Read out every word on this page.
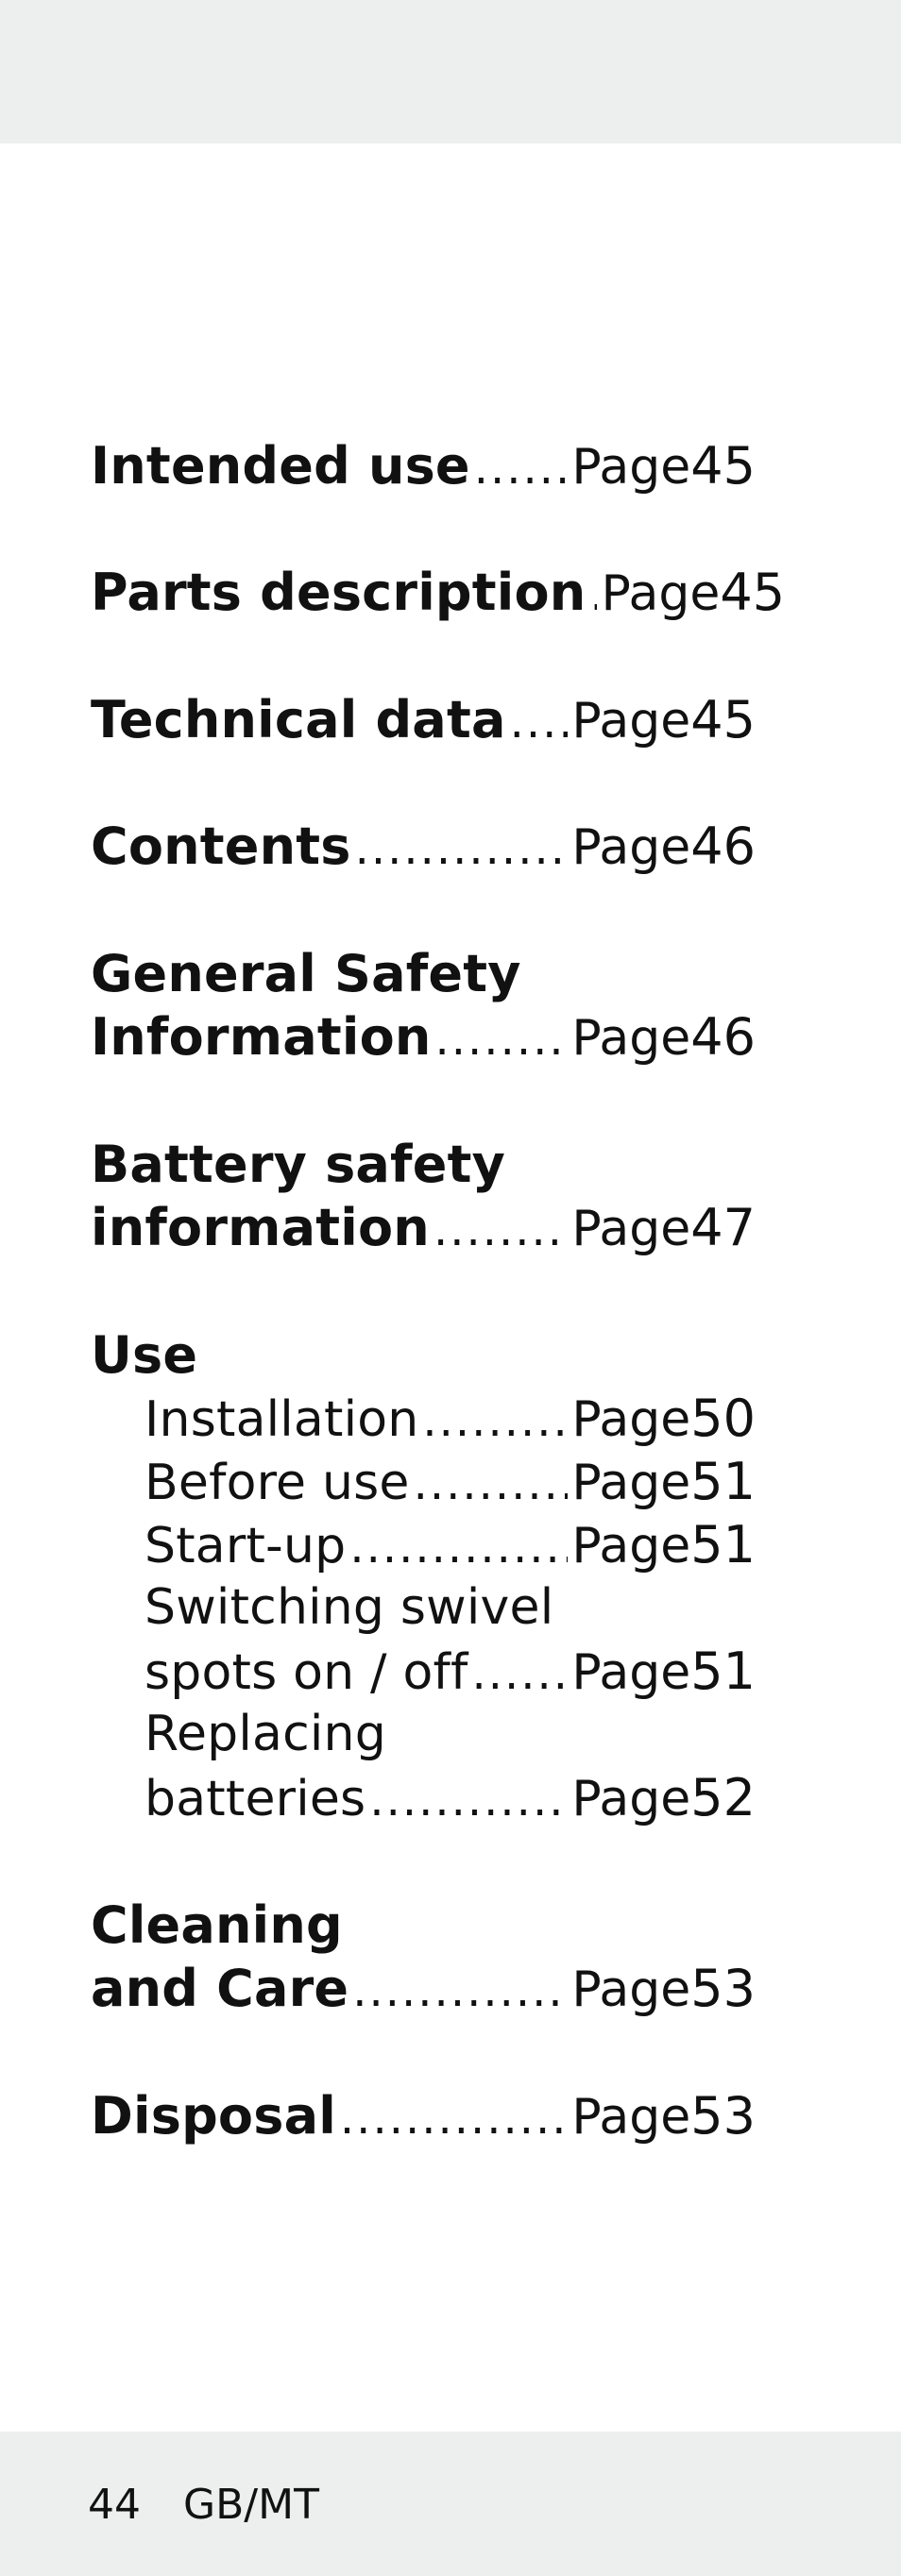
Intended use ..... Page 45
Parts description ..... Page 45
Technical data ..... Page 45
Contents .....	Page 46
General Safety
Information .....	Page 46
Battery safety
information .....	Page 47
Use
Installation .....	Page 50
Before use .....	Page 51
Start-up .....	Page 51
Switching swivel
spots on / off ..... Page 51
Replacing
batteries .....	Page 52
Cleaning
and Care .....	Page 53
Disposal .....	Page 53
44 GB/MT
